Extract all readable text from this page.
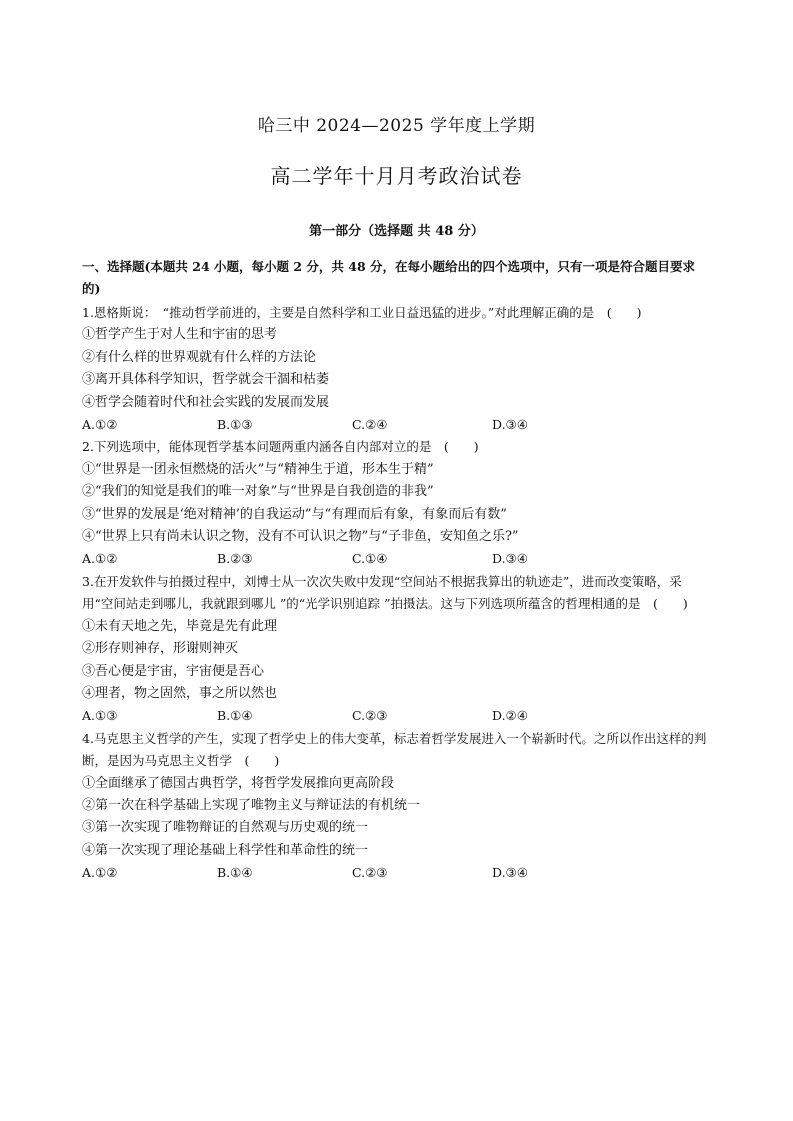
哈三中 2024—2025 学年度上学期
高二学年十月月考政治试卷
第一部分（选择题 共 48 分）
一、选择题(本题共 24 小题，每小题 2 分，共 48 分，在每小题给出的四个选项中，只有一项是符合题目要求的)
1.恩格斯说：　“推动哲学前进的，主要是自然科学和工业日益迅猛的进步。”对此理解正确的是　(　　)
①哲学产生于对人生和宇宙的思考
②有什么样的世界观就有什么样的方法论
③离开具体科学知识，哲学就会干涸和枯萎
④哲学会随着时代和社会实践的发展而发展
A.①②	B.①③	C.②④	D.③④
2.下列选项中，能体现哲学基本问题两重内涵各自内部对立的是　(　　)
①“世界是一团永恒燃烧的活火”与“精神生于道，形本生于精”
②“我们的知觉是我们的唯一对象”与“世界是自我创造的非我”
③“世界的发展是‘绝对精神’的自我运动”与“有理而后有象，有象而后有数”
④“世界上只有尚未认识之物，没有不可认识之物”与“子非鱼，安知鱼之乐?”
A.①②	B.②③	C.①④	D.③④
3.在开发软件与拍摄过程中，刘博士从一次次失败中发现“空间站不根据我算出的轨迹走”，进而改变策略，采用“空间站走到哪儿，我就跟到哪儿 ”的“光学识别追踪 ”拍摄法。这与下列选项所蕴含的哲理相通的是　(　　)
①未有天地之先，毕竟是先有此理
②形存则神存，形谢则神灭
③吾心便是宇宙，宇宙便是吾心
④理者，物之固然，事之所以然也
A.①③	B.①④	C.②③	D.②④
4.马克思主义哲学的产生，实现了哲学史上的伟大变革，标志着哲学发展进入一个崭新时代。之所以作出这样的判断，是因为马克思主义哲学　(　　)
①全面继承了德国古典哲学，将哲学发展推向更高阶段
②第一次在科学基础上实现了唯物主义与辩证法的有机统一
③第一次实现了唯物辩证的自然观与历史观的统一
④第一次实现了理论基础上科学性和革命性的统一
A.①②	B.①④	C.②③	D.③④
